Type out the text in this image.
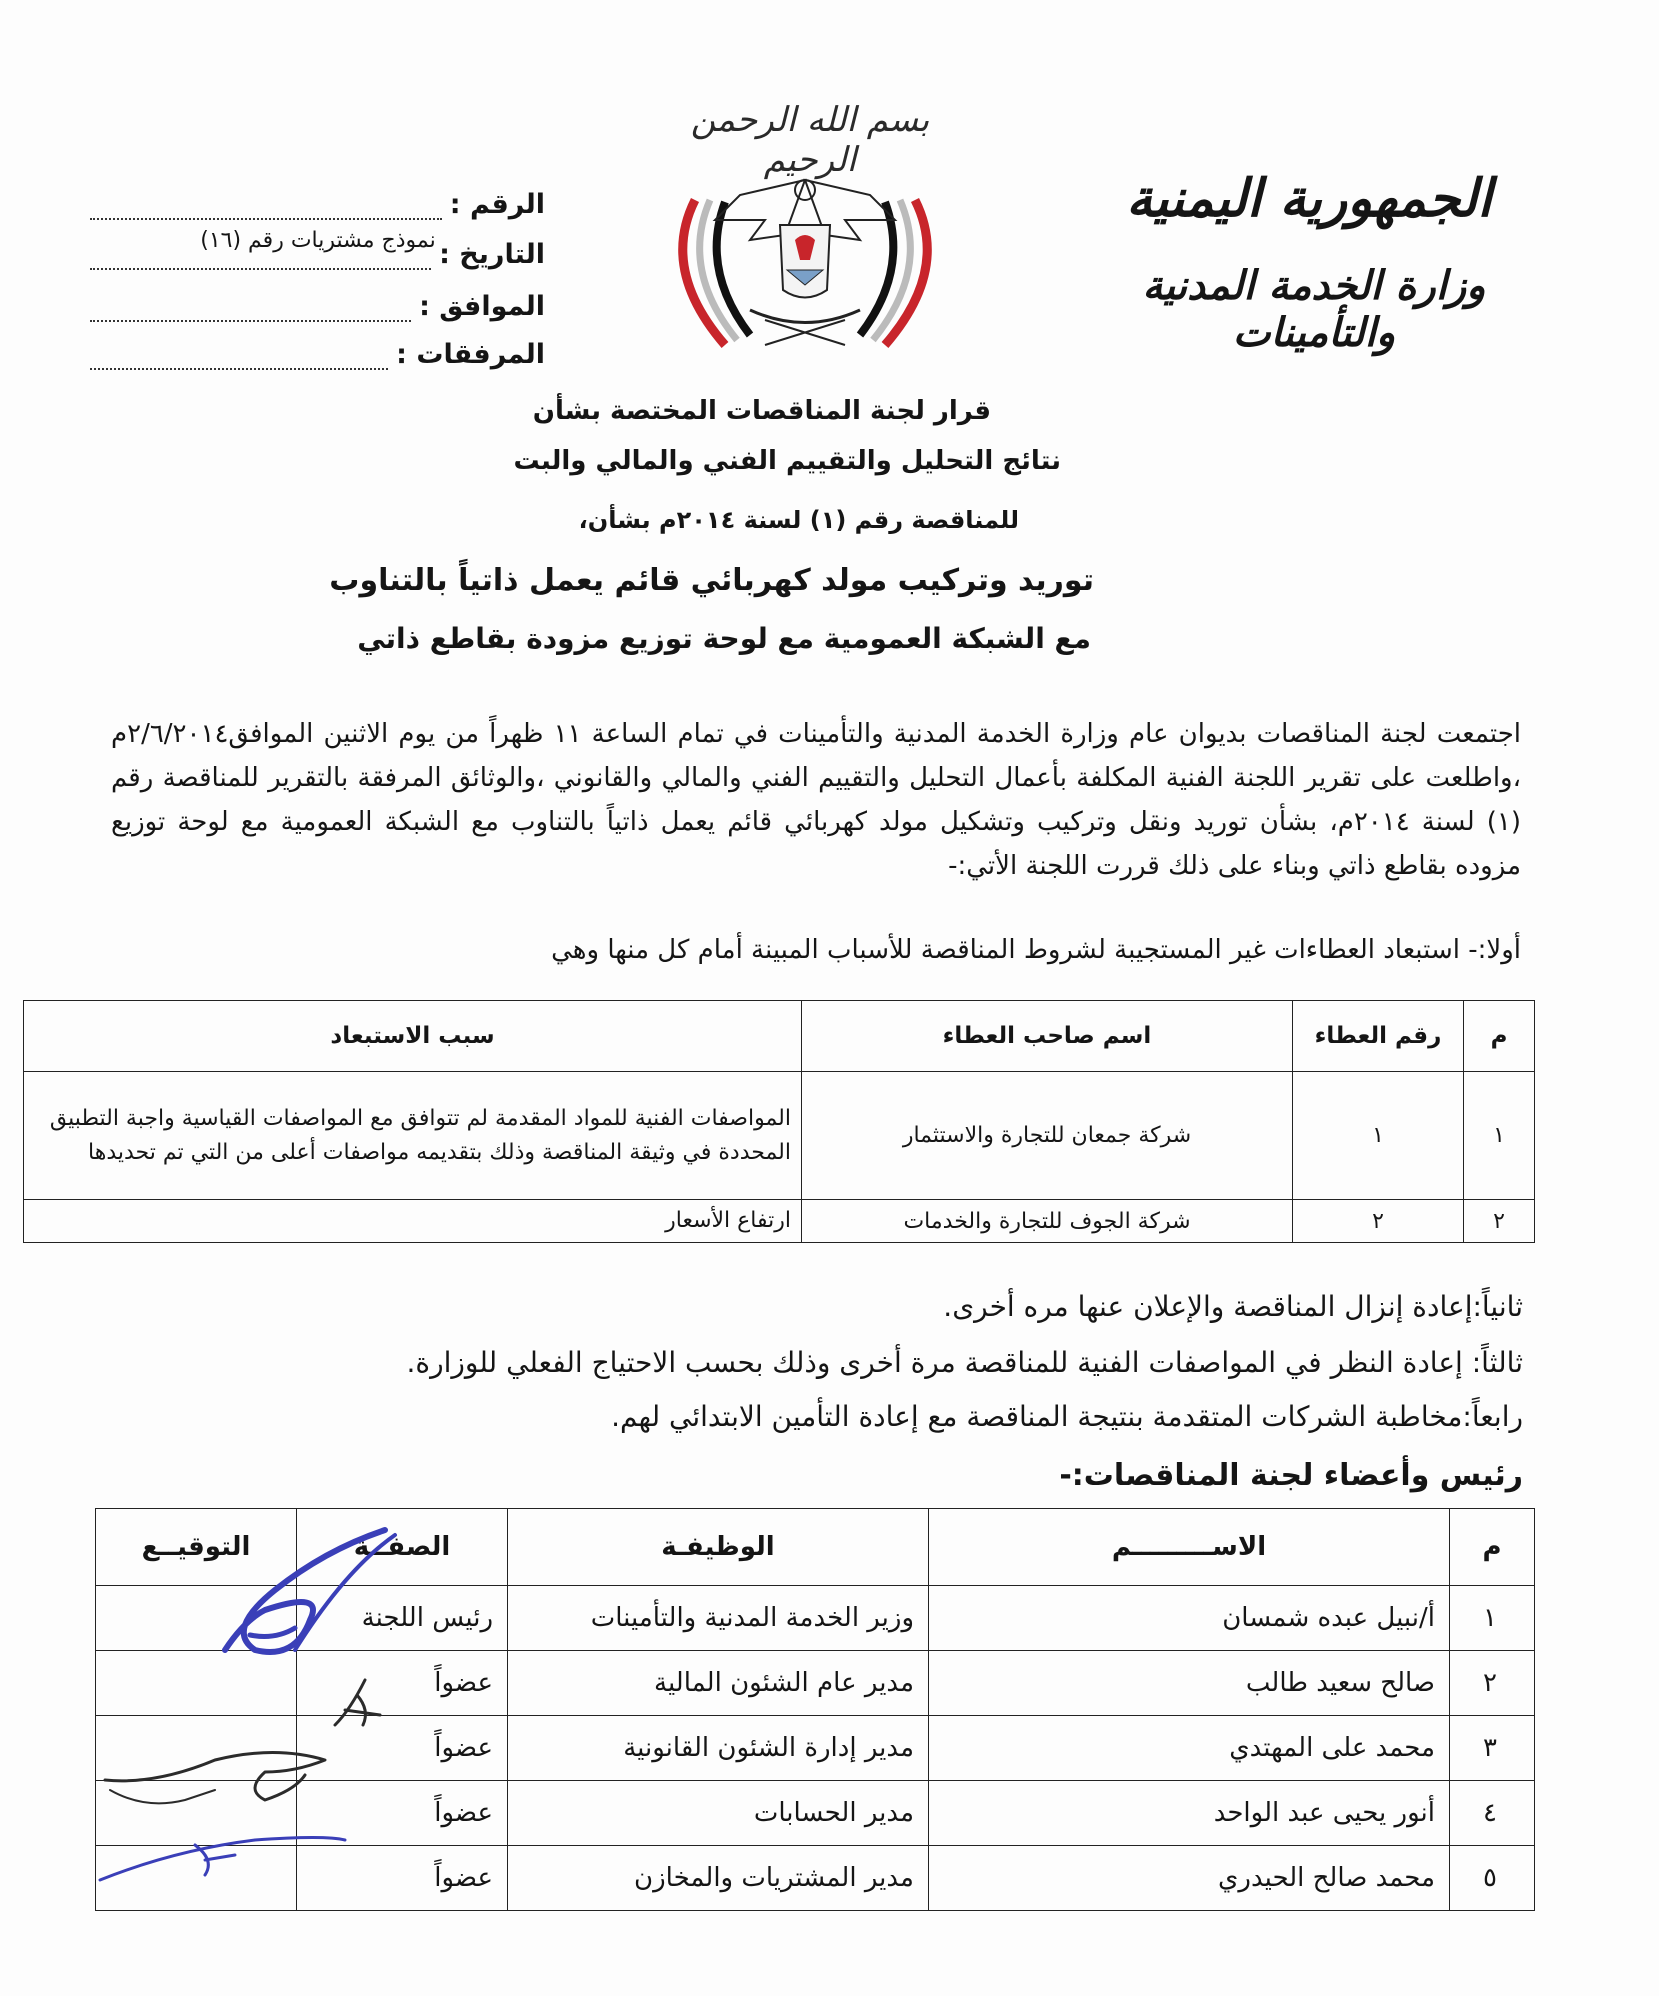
بسم الله الرحمن الرحيم
الجمهورية اليمنية
وزارة الخدمة المدنية والتأمينات
الرقم :
نموذج مشتريات رقم (١٦) التاريخ :
الموافق :
المرفقات :
قرار لجنة المناقصات المختصة بشأن
نتائج التحليل والتقييم الفني والمالي والبت
للمناقصة رقم (١) لسنة ٢٠١٤م بشأن،
توريد وتركيب مولد كهربائي قائم يعمل ذاتياً بالتناوب
مع الشبكة العمومية مع لوحة توزيع مزودة بقاطع ذاتي
اجتمعت لجنة المناقصات بديوان عام وزارة الخدمة المدنية والتأمينات في تمام الساعة ١١ ظهراً من يوم الاثنين الموافق٢/٦/٢٠١٤م ،واطلعت على تقرير اللجنة الفنية المكلفة بأعمال التحليل والتقييم الفني والمالي والقانوني ،والوثائق المرفقة بالتقرير للمناقصة رقم (١) لسنة ٢٠١٤م، بشأن توريد ونقل وتركيب وتشكيل مولد كهربائي قائم يعمل ذاتياً بالتناوب مع الشبكة العمومية مع لوحة توزيع مزوده بقاطع ذاتي وبناء على ذلك قررت اللجنة الأتي:-
أولا:- استبعاد العطاءات غير المستجيبة لشروط المناقصة للأسباب المبينة أمام كل منها وهي
م	رقم العطاء	اسم صاحب العطاء	سبب الاستبعاد
١	١	شركة جمعان للتجارة والاستثمار	المواصفات الفنية للمواد المقدمة لم تتوافق مع المواصفات القياسية واجبة التطبيق المحددة في وثيقة المناقصة وذلك بتقديمه مواصفات أعلى من التي تم تحديدها
٢	٢	شركة الجوف للتجارة والخدمات	ارتفاع الأسعار
ثانياً:إعادة إنزال المناقصة والإعلان عنها مره أخرى.
ثالثاً: إعادة النظر في المواصفات الفنية للمناقصة مرة أخرى وذلك بحسب الاحتياج الفعلي للوزارة.
رابعاً:مخاطبة الشركات المتقدمة بنتيجة المناقصة مع إعادة التأمين الابتدائي لهم.
رئيس وأعضاء لجنة المناقصات:-
م	الاســـــــــم	الوظيفـة	الصفــة	التوقيــع
١	أ/نبيل عبده شمسان	وزير الخدمة المدنية والتأمينات	رئيس اللجنة	
٢	صالح سعيد طالب	مدير عام الشئون المالية	عضواً	
٣	محمد على المهتدي	مدير إدارة الشئون القانونية	عضواً	
٤	أنور يحيى عبد الواحد	مدير الحسابات	عضواً	
٥	محمد صالح الحيدري	مدير المشتريات والمخازن	عضواً	
